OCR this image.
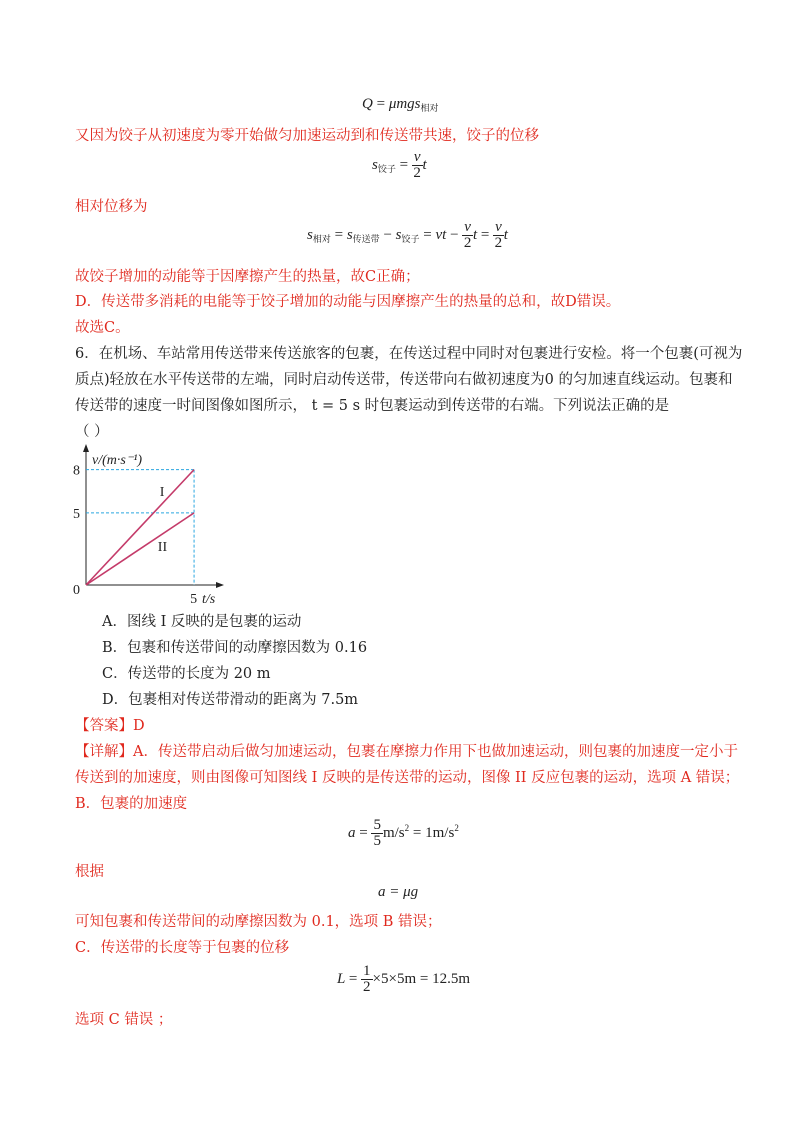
Q = μmgs$_{相对}$
又因为饺子从初速度为零开始做匀加速运动到和传送带共速，饺子的位移
$s_{饺子} = \frac{v}{2}$ t
相对位移为
$s_{相对} = s_{传送带} - s_{饺子}$ = vt − $\frac{v}{2}$ $t = \frac{v}{2}$ t
故饺子增加的动能等于因摩擦产生的热量，故C正确；
D．传送带多消耗的电能等于饺子增加的动能与因摩擦产生的热量的总和，故D错误。
故选C。
6．在机场、车站常用传送带来传送旅客的包裹，在传送过程中同时对包裹进行安检。将一个包裹(可视为
质点)轻放在水平传送带的左端，同时启动传送带，传送带向右做初速度为0 的匀加速直线运动。包裹和
传送带的速度一时间图像如图所示， t = 5 s 时包裹运动到传送带的右端。下列说法正确的是
（ ）
I
II
5
8
5
0
v/(m·s⁻¹)
t/s
A．图线 I 反映的是包裹的运动
B．包裹和传送带间的动摩擦因数为 0.16
C．传送带的长度为 20 m
D．包裹相对传送带滑动的距离为 7.5m
【答案】D
【详解】A．传送带启动后做匀加速运动，包裹在摩擦力作用下也做加速运动，则包裹的加速度一定小于
传送到的加速度，则由图像可知图线 I 反映的是传送带的运动，图像 II 反应包裹的运动，选项 A 错误；
B．包裹的加速度
$a = \frac{5}{5} m/s^2 = 1m/s^2$
根据
a = μg
可知包裹和传送带间的动摩擦因数为 0.1，选项 B 错误；
C．传送带的长度等于包裹的位移
$L = \frac{1}{2} \times 5\times 5m = 12.5m$
选项 C 错误 ；
